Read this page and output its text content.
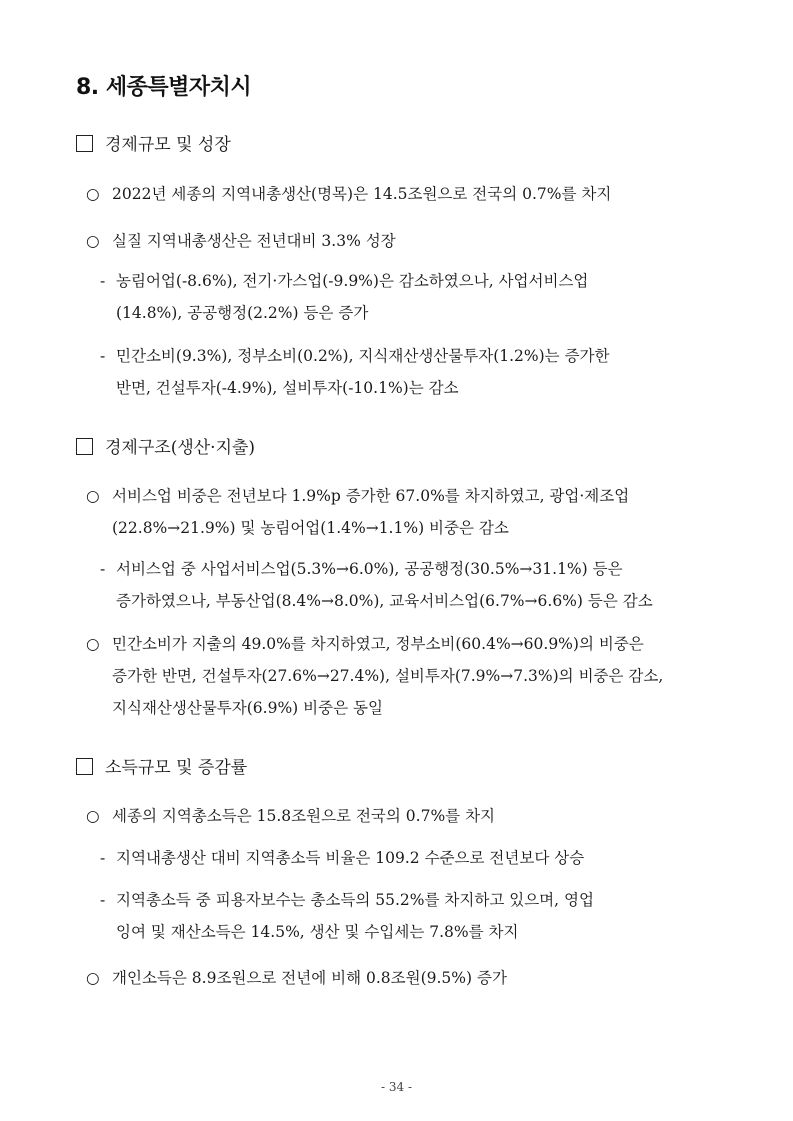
8. 세종특별자치시
경제규모 및 성장
○ 2022년 세종의 지역내총생산(명목)은 14.5조원으로 전국의 0.7%를 차지
○ 실질 지역내총생산은 전년대비 3.3% 성장
- 농림어업(-8.6%), 전기·가스업(-9.9%)은 감소하였으나, 사업서비스업
(14.8%), 공공행정(2.2%) 등은 증가
- 민간소비(9.3%), 정부소비(0.2%), 지식재산생산물투자(1.2%)는 증가한
반면, 건설투자(-4.9%), 설비투자(-10.1%)는 감소
경제구조(생산·지출)
○ 서비스업 비중은 전년보다 1.9%p 증가한 67.0%를 차지하였고, 광업·제조업
(22.8%→21.9%) 및 농림어업(1.4%→1.1%) 비중은 감소
- 서비스업 중 사업서비스업(5.3%→6.0%), 공공행정(30.5%→31.1%) 등은
증가하였으나, 부동산업(8.4%→8.0%), 교육서비스업(6.7%→6.6%) 등은 감소
○ 민간소비가 지출의 49.0%를 차지하였고, 정부소비(60.4%→60.9%)의 비중은
증가한 반면, 건설투자(27.6%→27.4%), 설비투자(7.9%→7.3%)의 비중은 감소,
지식재산생산물투자(6.9%) 비중은 동일
소득규모 및 증감률
○ 세종의 지역총소득은 15.8조원으로 전국의 0.7%를 차지
- 지역내총생산 대비 지역총소득 비율은 109.2 수준으로 전년보다 상승
- 지역총소득 중 피용자보수는 총소득의 55.2%를 차지하고 있으며, 영업
잉여 및 재산소득은 14.5%, 생산 및 수입세는 7.8%를 차지
○ 개인소득은 8.9조원으로 전년에 비해 0.8조원(9.5%) 증가
- 34 -
